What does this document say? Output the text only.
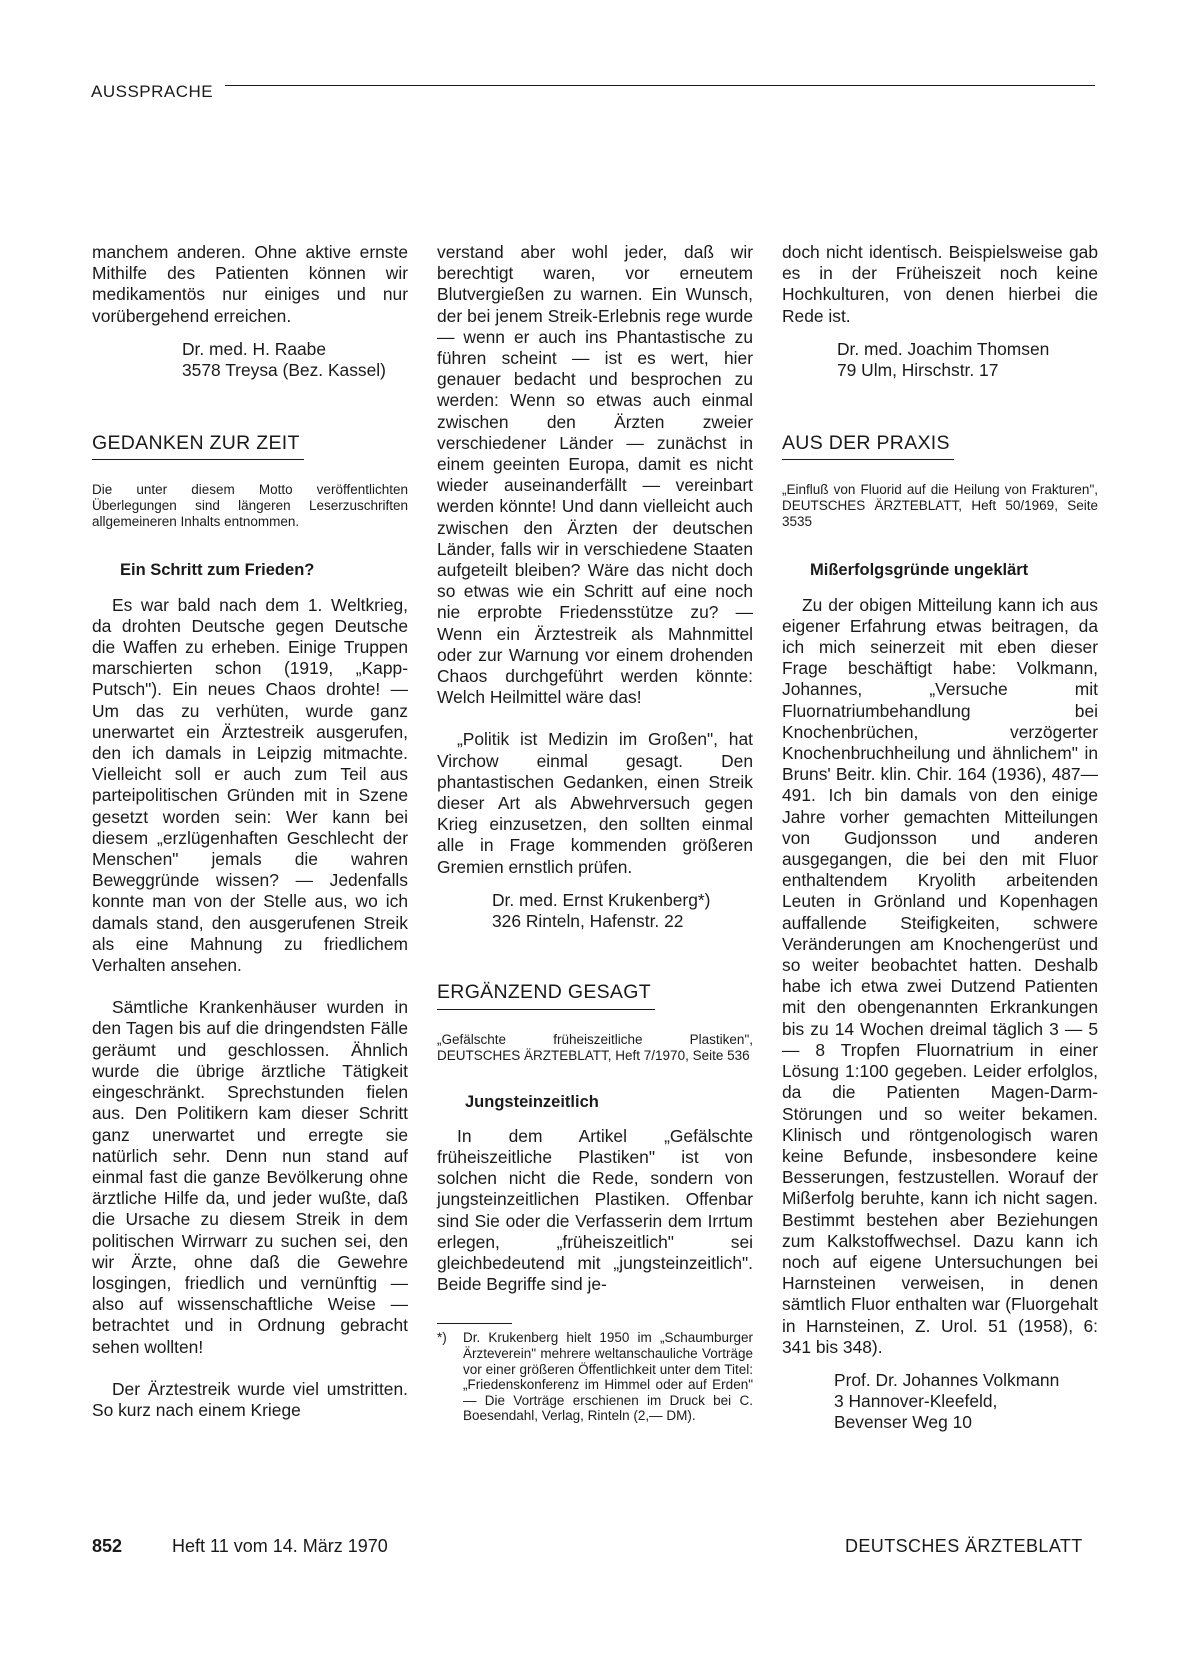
AUSSPRACHE

manchem anderen. Ohne aktive ernste Mithilfe des Patienten können wir medikamentös nur einiges und nur vorübergehend erreichen.

Dr. med. H. Raabe
3578 Treysa (Bez. Kassel)
GEDANKEN ZUR ZEIT

Die unter diesem Motto veröffentlichten Überlegungen sind längeren Leserzuschriften allgemeineren Inhalts entnommen.

Ein Schritt zum Frieden?

Es war bald nach dem 1. Weltkrieg, da drohten Deutsche gegen Deutsche die Waffen zu erheben. Einige Truppen marschierten schon (1919, „Kapp-Putsch"). Ein neues Chaos drohte! — Um das zu verhüten, wurde ganz unerwartet ein Ärztestreik ausgerufen, den ich damals in Leipzig mitmachte. Vielleicht soll er auch zum Teil aus parteipolitischen Gründen mit in Szene gesetzt worden sein: Wer kann bei diesem „erzlügenhaften Geschlecht der Menschen" jemals die wahren Beweggründe wissen? — Jedenfalls konnte man von der Stelle aus, wo ich damals stand, den ausgerufenen Streik als eine Mahnung zu friedlichem Verhalten ansehen.

Sämtliche Krankenhäuser wurden in den Tagen bis auf die dringendsten Fälle geräumt und geschlossen. Ähnlich wurde die übrige ärztliche Tätigkeit eingeschränkt. Sprechstunden fielen aus. Den Politikern kam dieser Schritt ganz unerwartet und erregte sie natürlich sehr. Denn nun stand auf einmal fast die ganze Bevölkerung ohne ärztliche Hilfe da, und jeder wußte, daß die Ursache zu diesem Streik in dem politischen Wirrwarr zu suchen sei, den wir Ärzte, ohne daß die Gewehre losgingen, friedlich und vernünftig — also auf wissenschaftliche Weise — betrachtet und in Ordnung gebracht sehen wollten!

Der Ärztestreik wurde viel umstritten. So kurz nach einem Kriege

verstand aber wohl jeder, daß wir berechtigt waren, vor erneutem Blutvergießen zu warnen. Ein Wunsch, der bei jenem Streik-Erlebnis rege wurde — wenn er auch ins Phantastische zu führen scheint — ist es wert, hier genauer bedacht und besprochen zu werden: Wenn so etwas auch einmal zwischen den Ärzten zweier verschiedener Länder — zunächst in einem geeinten Europa, damit es nicht wieder auseinanderfällt — vereinbart werden könnte! Und dann vielleicht auch zwischen den Ärzten der deutschen Länder, falls wir in verschiedene Staaten aufgeteilt bleiben? Wäre das nicht doch so etwas wie ein Schritt auf eine noch nie erprobte Friedensstütze zu? — Wenn ein Ärztestreik als Mahnmittel oder zur Warnung vor einem drohenden Chaos durchgeführt werden könnte: Welch Heilmittel wäre das!

„Politik ist Medizin im Großen", hat Virchow einmal gesagt. Den phantastischen Gedanken, einen Streik dieser Art als Abwehrversuch gegen Krieg einzusetzen, den sollten einmal alle in Frage kommenden größeren Gremien ernstlich prüfen.

Dr. med. Ernst Krukenberg*)
326 Rinteln, Hafenstr. 22
ERGÄNZEND GESAGT

„Gefälschte frühеiszeitliche Plastiken", DEUTSCHES ÄRZTEBLATT, Heft 7/1970, Seite 536

Jungsteinzeitlich

In dem Artikel „Gefälschte frühеiszeitliche Plastiken" ist von solchen nicht die Rede, sondern von jungsteinzeitlichen Plastiken. Offenbar sind Sie oder die Verfasserin dem Irrtum erlegen, „frühеiszeitlich" sei gleichbedeutend mit „jungsteinzeitlich". Beide Begriffe sind je-

*)	Dr. Krukenberg hielt 1950 im „Schaumburger Ärzteverein" mehrere weltanschauliche Vorträge vor einer größeren Öffentlichkeit unter dem Titel: „Friedenskonferenz im Himmel oder auf Erden" — Die Vorträge erschienen im Druck bei C. Boesendahl, Verlag, Rinteln (2,— DM).

doch nicht identisch. Beispielsweise gab es in der Frühеiszeit noch keine Hochkulturen, von denen hierbei die Rede ist.

Dr. med. Joachim Thomsen
79 Ulm, Hirschstr. 17
AUS DER PRAXIS

„Einfluß von Fluorid auf die Heilung von Frakturen", DEUTSCHES ÄRZTEBLATT, Heft 50/1969, Seite 3535

Mißerfolgsgründe ungeklärt

Zu der obigen Mitteilung kann ich aus eigener Erfahrung etwas beitragen, da ich mich seinerzeit mit eben dieser Frage beschäftigt habe: Volkmann, Johannes, „Versuche mit Fluornatriumbehandlung bei Knochenbrüchen, verzögerter Knochenbruchheilung und ähnlichem" in Bruns' Beitr. klin. Chir. 164 (1936), 487—491. Ich bin damals von den einige Jahre vorher gemachten Mitteilungen von Gudjonsson und anderen ausgegangen, die bei den mit Fluor enthaltendem Kryolith arbeitenden Leuten in Grönland und Kopenhagen auffallende Steifigkeiten, schwere Veränderungen am Knochengerüst und so weiter beobachtet hatten. Deshalb habe ich etwa zwei Dutzend Patienten mit den obengenannten Erkrankungen bis zu 14 Wochen dreimal täglich 3 — 5 — 8 Tropfen Fluornatrium in einer Lösung 1:100 gegeben. Leider erfolglos, da die Patienten Magen-Darm-Störungen und so weiter bekamen. Klinisch und röntgenologisch waren keine Befunde, insbesondere keine Besserungen, festzustellen. Worauf der Mißerfolg beruhte, kann ich nicht sagen. Bestimmt bestehen aber Beziehungen zum Kalkstoffwechsel. Dazu kann ich noch auf eigene Untersuchungen bei Harnsteinen verweisen, in denen sämtlich Fluor enthalten war (Fluorgehalt in Harnsteinen, Z. Urol. 51 (1958), 6: 341 bis 348).

Prof. Dr. Johannes Volkmann
3 Hannover-Kleefeld,
Bevenser Weg 10
852	Heft 11 vom 14. März 1970	DEUTSCHES ÄRZTEBLATT
